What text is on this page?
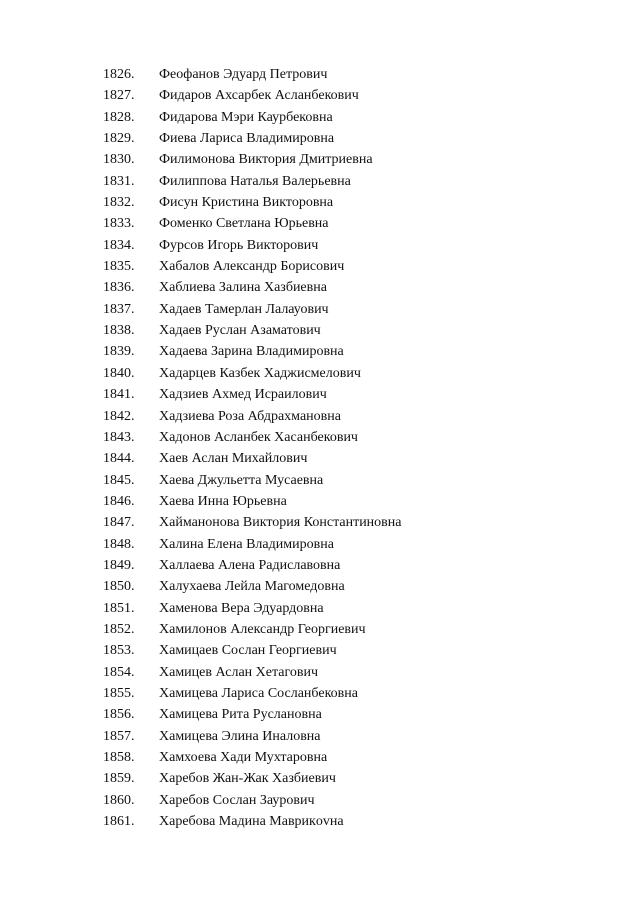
1826.	Феофанов Эдуард Петрович
1827.	Фидаров Ахсарбек Асланбекович
1828.	Фидарова Мэри Каурбековна
1829.	Фиева Лариса Владимировна
1830.	Филимонова Виктория Дмитриевна
1831.	Филиппова Наталья Валерьевна
1832.	Фисун Кристина Викторовна
1833.	Фоменко Светлана Юрьевна
1834.	Фурсов Игорь Викторович
1835.	Хабалов Александр Борисович
1836.	Хаблиева Залина Хазбиевна
1837.	Хадаев Тамерлан Лалауович
1838.	Хадаев Руслан Азаматович
1839.	Хадаева Зарина Владимировна
1840.	Хадарцев Казбек Хаджисмелович
1841.	Хадзиев Ахмед Исраилович
1842.	Хадзиева Роза Абдрахмановна
1843.	Хадонов Асланбек Хасанбекович
1844.	Хаев Аслан Михайлович
1845.	Хаева Джульетта Мусаевна
1846.	Хаева Инна Юрьевна
1847.	Хайманонова Виктория Константиновна
1848.	Халина Елена Владимировна
1849.	Халлаева Алена Радиславовна
1850.	Халухаева Лейла Магомедовна
1851.	Хаменова Вера Эдуардовна
1852.	Хамилонов Александр Георгиевич
1853.	Хамицаев Сослан Георгиевич
1854.	Хамицев Аслан Хетагович
1855.	Хамицева Лариса Сосланбековна
1856.	Хамицева Рита Руслановна
1857.	Хамицева Элина Иналовна
1858.	Хамхоева Хади Мухтаровна
1859.	Харебов Жан-Жак Хазбиевич
1860.	Харебов Сослан Заурович
1861.	Харебова Мадина Маврикovна
